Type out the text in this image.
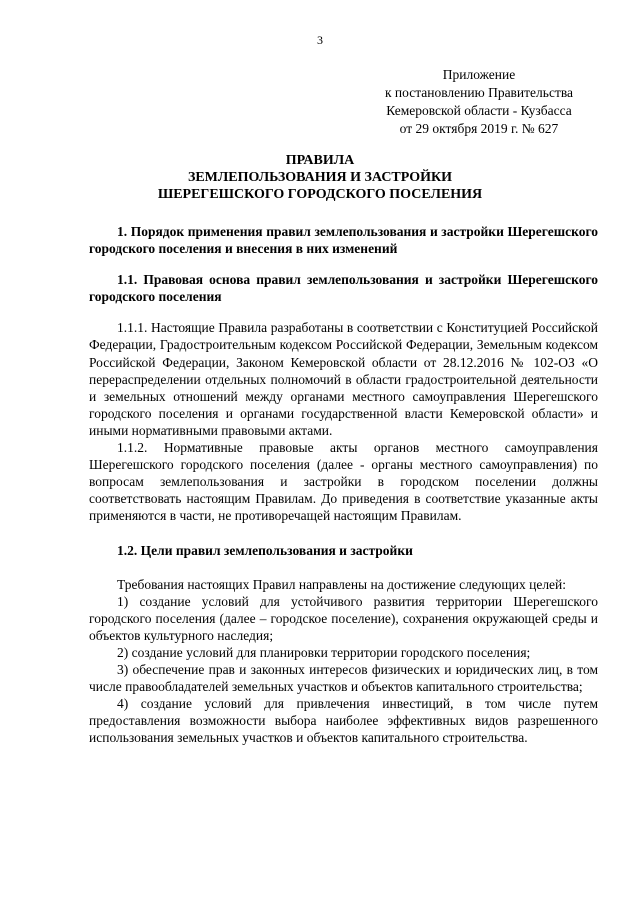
3
Приложение
к постановлению Правительства
Кемеровской области - Кузбасса
от 29 октября 2019 г. № 627
ПРАВИЛА
ЗЕМЛЕПОЛЬЗОВАНИЯ И ЗАСТРОЙКИ
ШЕРЕГЕШСКОГО ГОРОДСКОГО ПОСЕЛЕНИЯ

1. Порядок применения правил землепользования и застройки Шерегешского городского поселения и внесения в них изменений

1.1. Правовая основа правил землепользования и застройки Шерегешского городского поселения

1.1.1. Настоящие Правила разработаны в соответствии с Конституцией Российской Федерации, Градостроительным кодексом Российской Федерации, Земельным кодексом Российской Федерации, Законом Кемеровской области от 28.12.2016 № 102-ОЗ «О перераспределении отдельных полномочий в области градостроительной деятельности и земельных отношений между органами местного самоуправления Шерегешского городского поселения и органами государственной власти Кемеровской области» и иными нормативными правовыми актами.

1.1.2. Нормативные правовые акты органов местного самоуправления Шерегешского городского поселения (далее - органы местного самоуправления) по вопросам землепользования и застройки в городском поселении должны соответствовать настоящим Правилам. До приведения в соответствие указанные акты применяются в части, не противоречащей настоящим Правилам.

1.2. Цели правил землепользования и застройки

Требования настоящих Правил направлены на достижение следующих целей:

1) создание условий для устойчивого развития территории Шерегешского городского поселения (далее – городское поселение), сохранения окружающей среды и объектов культурного наследия;

2) создание условий для планировки территории городского поселения;

3) обеспечение прав и законных интересов физических и юридических лиц, в том числе правообладателей земельных участков и объектов капитального строительства;

4) создание условий для привлечения инвестиций, в том числе путем предоставления возможности выбора наиболее эффективных видов разрешенного использования земельных участков и объектов капитального строительства.
